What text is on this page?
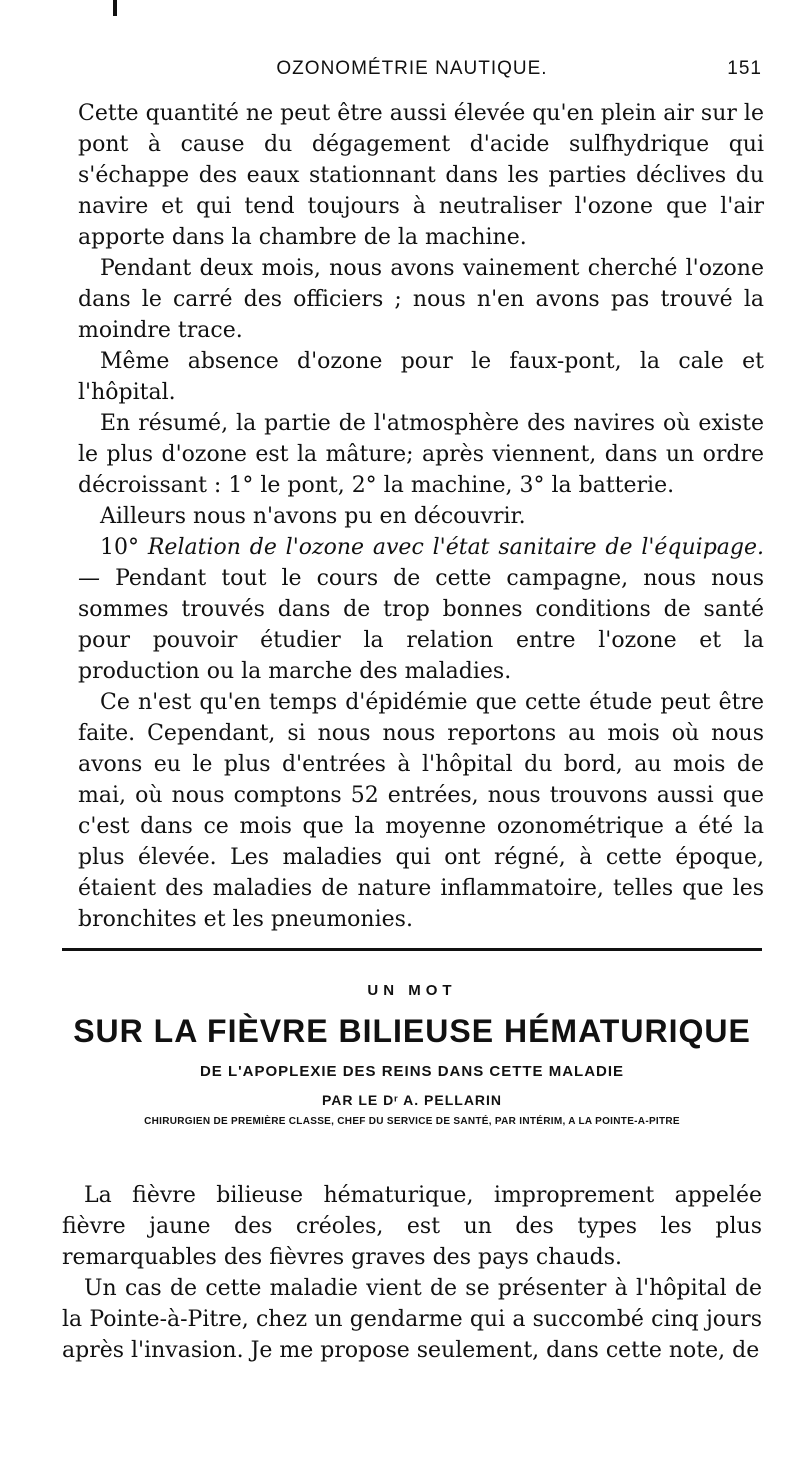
OZONOMÉTRIE NAUTIQUE.	151

Cette quantité ne peut être aussi élevée qu'en plein air sur le pont à cause du dégagement d'acide sulfhydrique qui s'échappe des eaux stationnant dans les parties déclives du navire et qui tend toujours à neutraliser l'ozone que l'air apporte dans la chambre de la machine.

Pendant deux mois, nous avons vainement cherché l'ozone dans le carré des officiers ; nous n'en avons pas trouvé la moindre trace.

Même absence d'ozone pour le faux-pont, la cale et l'hôpital.

En résumé, la partie de l'atmosphère des navires où existe le plus d'ozone est la mâture; après viennent, dans un ordre décroissant : 1° le pont, 2° la machine, 3° la batterie.

Ailleurs nous n'avons pu en découvrir.

10° Relation de l'ozone avec l'état sanitaire de l'équipage.— Pendant tout le cours de cette campagne, nous nous sommes trouvés dans de trop bonnes conditions de santé pour pouvoir étudier la relation entre l'ozone et la production ou la marche des maladies.

Ce n'est qu'en temps d'épidémie que cette étude peut être faite. Cependant, si nous nous reportons au mois où nous avons eu le plus d'entrées à l'hôpital du bord, au mois de mai, où nous comptons 52 entrées, nous trouvons aussi que c'est dans ce mois que la moyenne ozonométrique a été la plus élevée. Les maladies qui ont régné, à cette époque, étaient des maladies de nature inflammatoire, telles que les bronchites et les pneumonies.

UN MOT
SUR LA FIÈVRE BILIEUSE HÉMATURIQUE
DE L'APOPLEXIE DES REINS DANS CETTE MALADIE
PAR LE Dʳ A. PELLARIN
CHIRURGIEN DE PREMIÈRE CLASSE, CHEF DU SERVICE DE SANTÉ, PAR INTÉRIM, A LA POINTE-A-PITRE

La fièvre bilieuse hématurique, improprement appelée fièvre jaune des créoles, est un des types les plus remarquables des fièvres graves des pays chauds.

Un cas de cette maladie vient de se présenter à l'hôpital de la Pointe-à-Pitre, chez un gendarme qui a succombé cinq jours après l'invasion. Je me propose seulement, dans cette note, de
